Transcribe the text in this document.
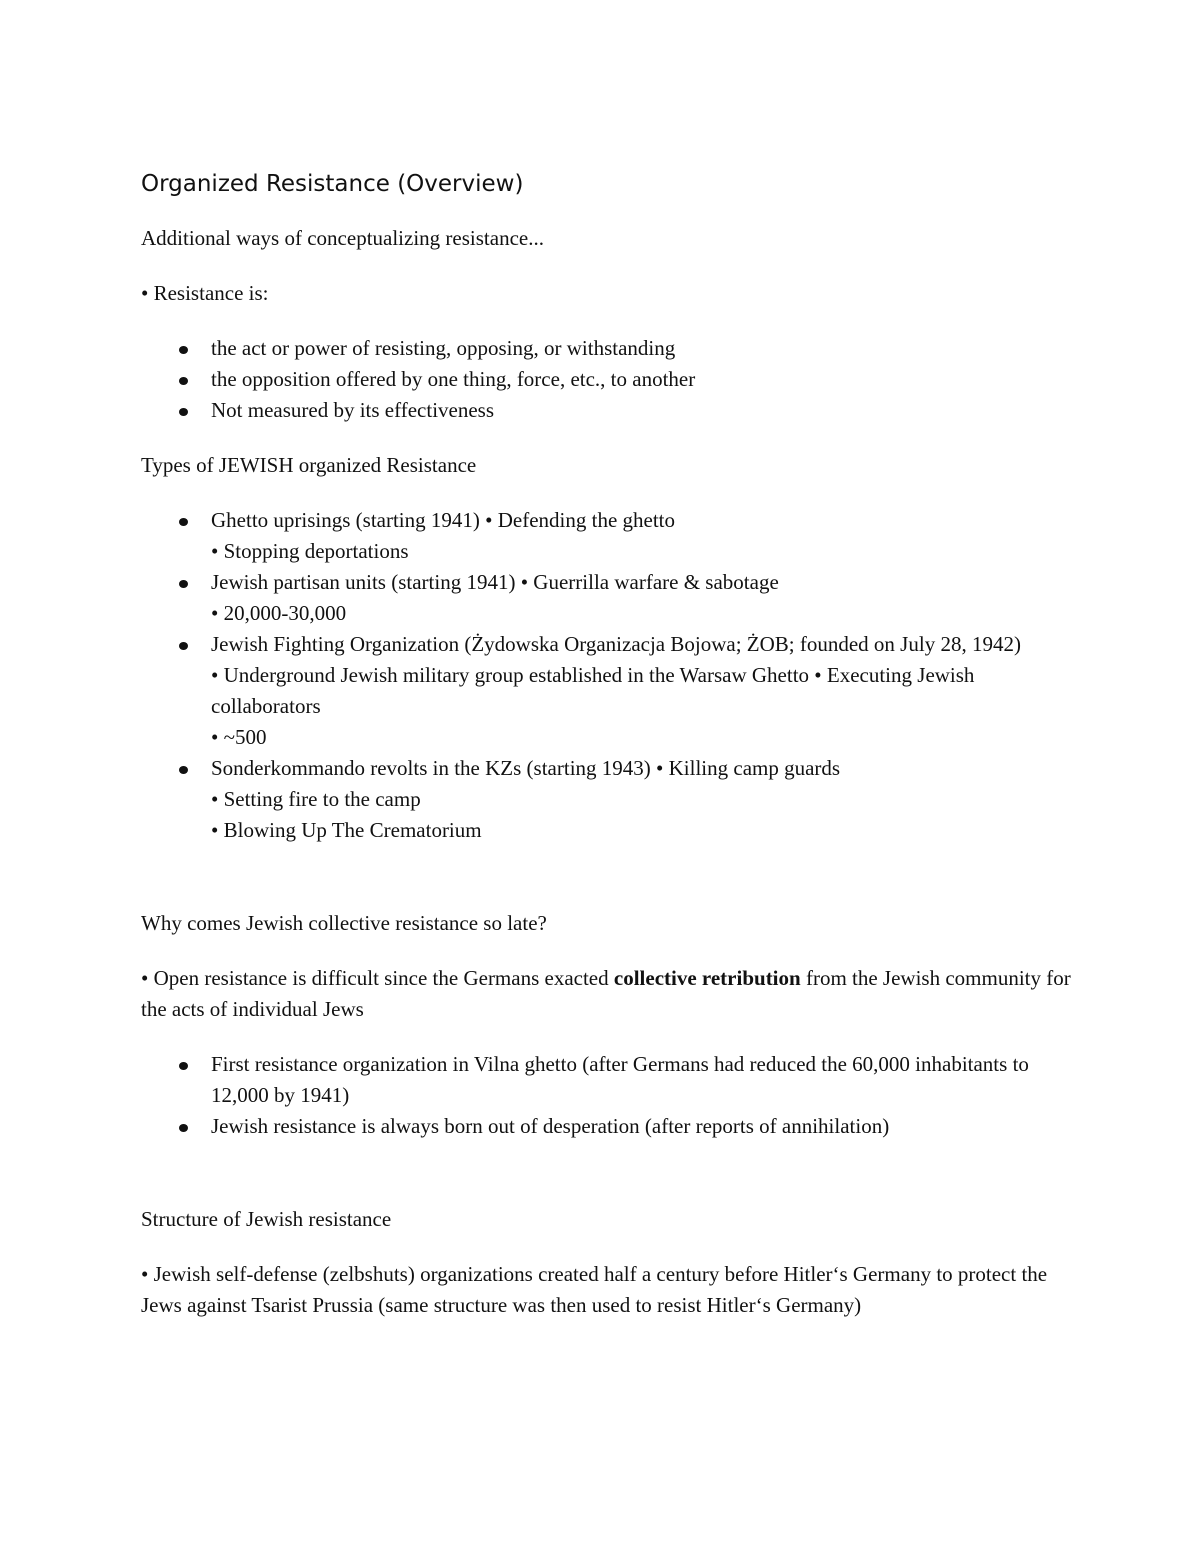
Organized Resistance (Overview)

Additional ways of conceptualizing resistance...

• Resistance is:

the act or power of resisting, opposing, or withstanding
the opposition offered by one thing, force, etc., to another
Not measured by its effectiveness

Types of JEWISH organized Resistance

Ghetto uprisings (starting 1941) • Defending the ghetto
• Stopping deportations
Jewish partisan units (starting 1941) • Guerrilla warfare & sabotage
• 20,000-30,000
Jewish Fighting Organization (Żydowska Organizacja Bojowa; ŻOB; founded on July 28, 1942)
• Underground Jewish military group established in the Warsaw Ghetto • Executing Jewish collaborators
• ~500
Sonderkommando revolts in the KZs (starting 1943) • Killing camp guards
• Setting fire to the camp
• Blowing Up The Crematorium

Why comes Jewish collective resistance so late?

• Open resistance is difficult since the Germans exacted collective retribution from the Jewish community for the acts of individual Jews

First resistance organization in Vilna ghetto (after Germans had reduced the 60,000 inhabitants to 12,000 by 1941)
Jewish resistance is always born out of desperation (after reports of annihilation)

Structure of Jewish resistance

• Jewish self-defense (zelbshuts) organizations created half a century before Hitler‘s Germany to protect the Jews against Tsarist Prussia (same structure was then used to resist Hitler‘s Germany)
